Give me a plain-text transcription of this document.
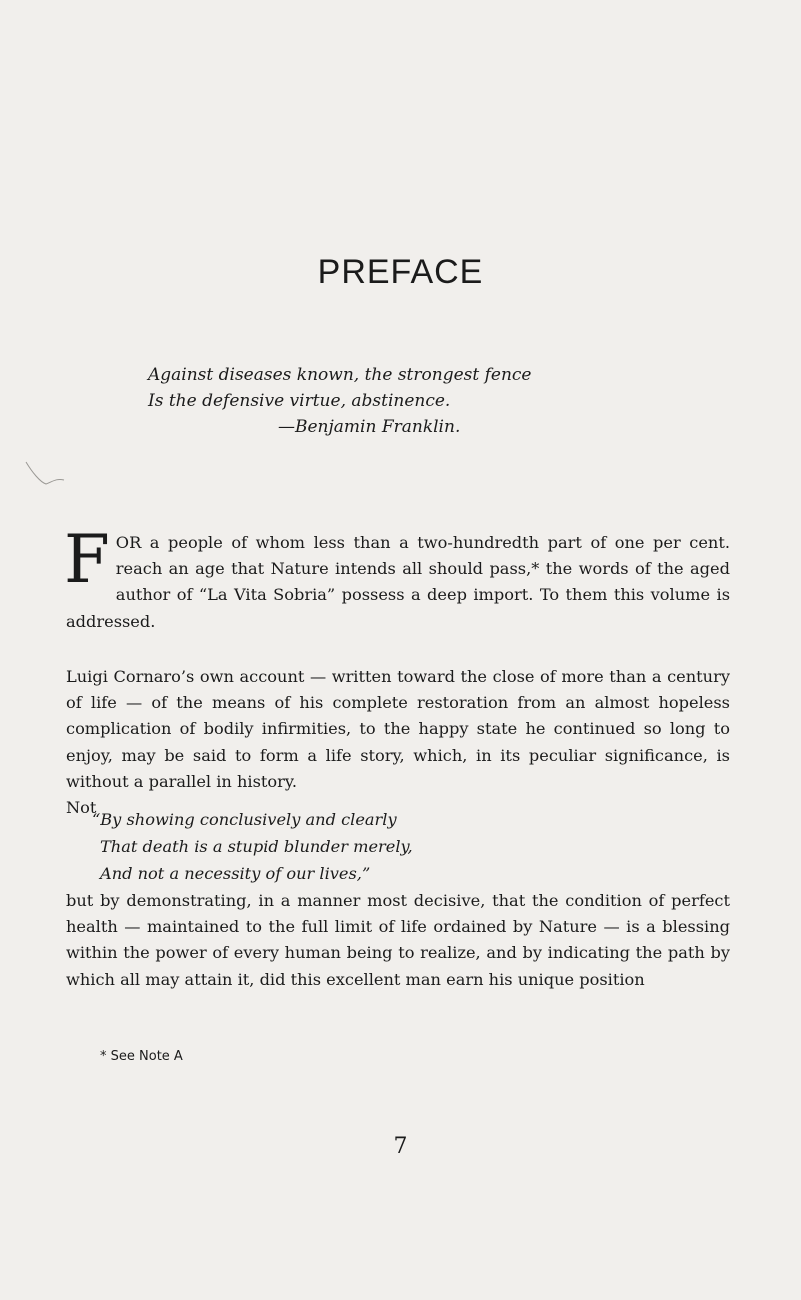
PREFACE
Against diseases known, the strongest fence
Is the defensive virtue, abstinence.
—Benjamin Franklin.

FOR a people of whom less than a two-hundredth part of one per cent. reach an age that Nature intends all should pass,* the words of the aged author of “La Vita Sobria” possess a deep import. To them this volume is addressed.

Luigi Cornaro’s own account — written toward the close of more than a century of life — of the means of his complete restoration from an almost hopeless complication of bodily infirmities, to the happy state he continued so long to enjoy, may be said to form a life story, which, in its peculiar significance, is without a parallel in history.
Not

“By showing conclusively and clearly
That death is a stupid blunder merely,
And not a necessity of our lives,”

but by demonstrating, in a manner most decisive, that the condition of perfect health — maintained to the full limit of life ordained by Nature — is a blessing within the power of every human being to realize, and by indicating the path by which all may attain it, did this excellent man earn his unique position

* See Note A
7
